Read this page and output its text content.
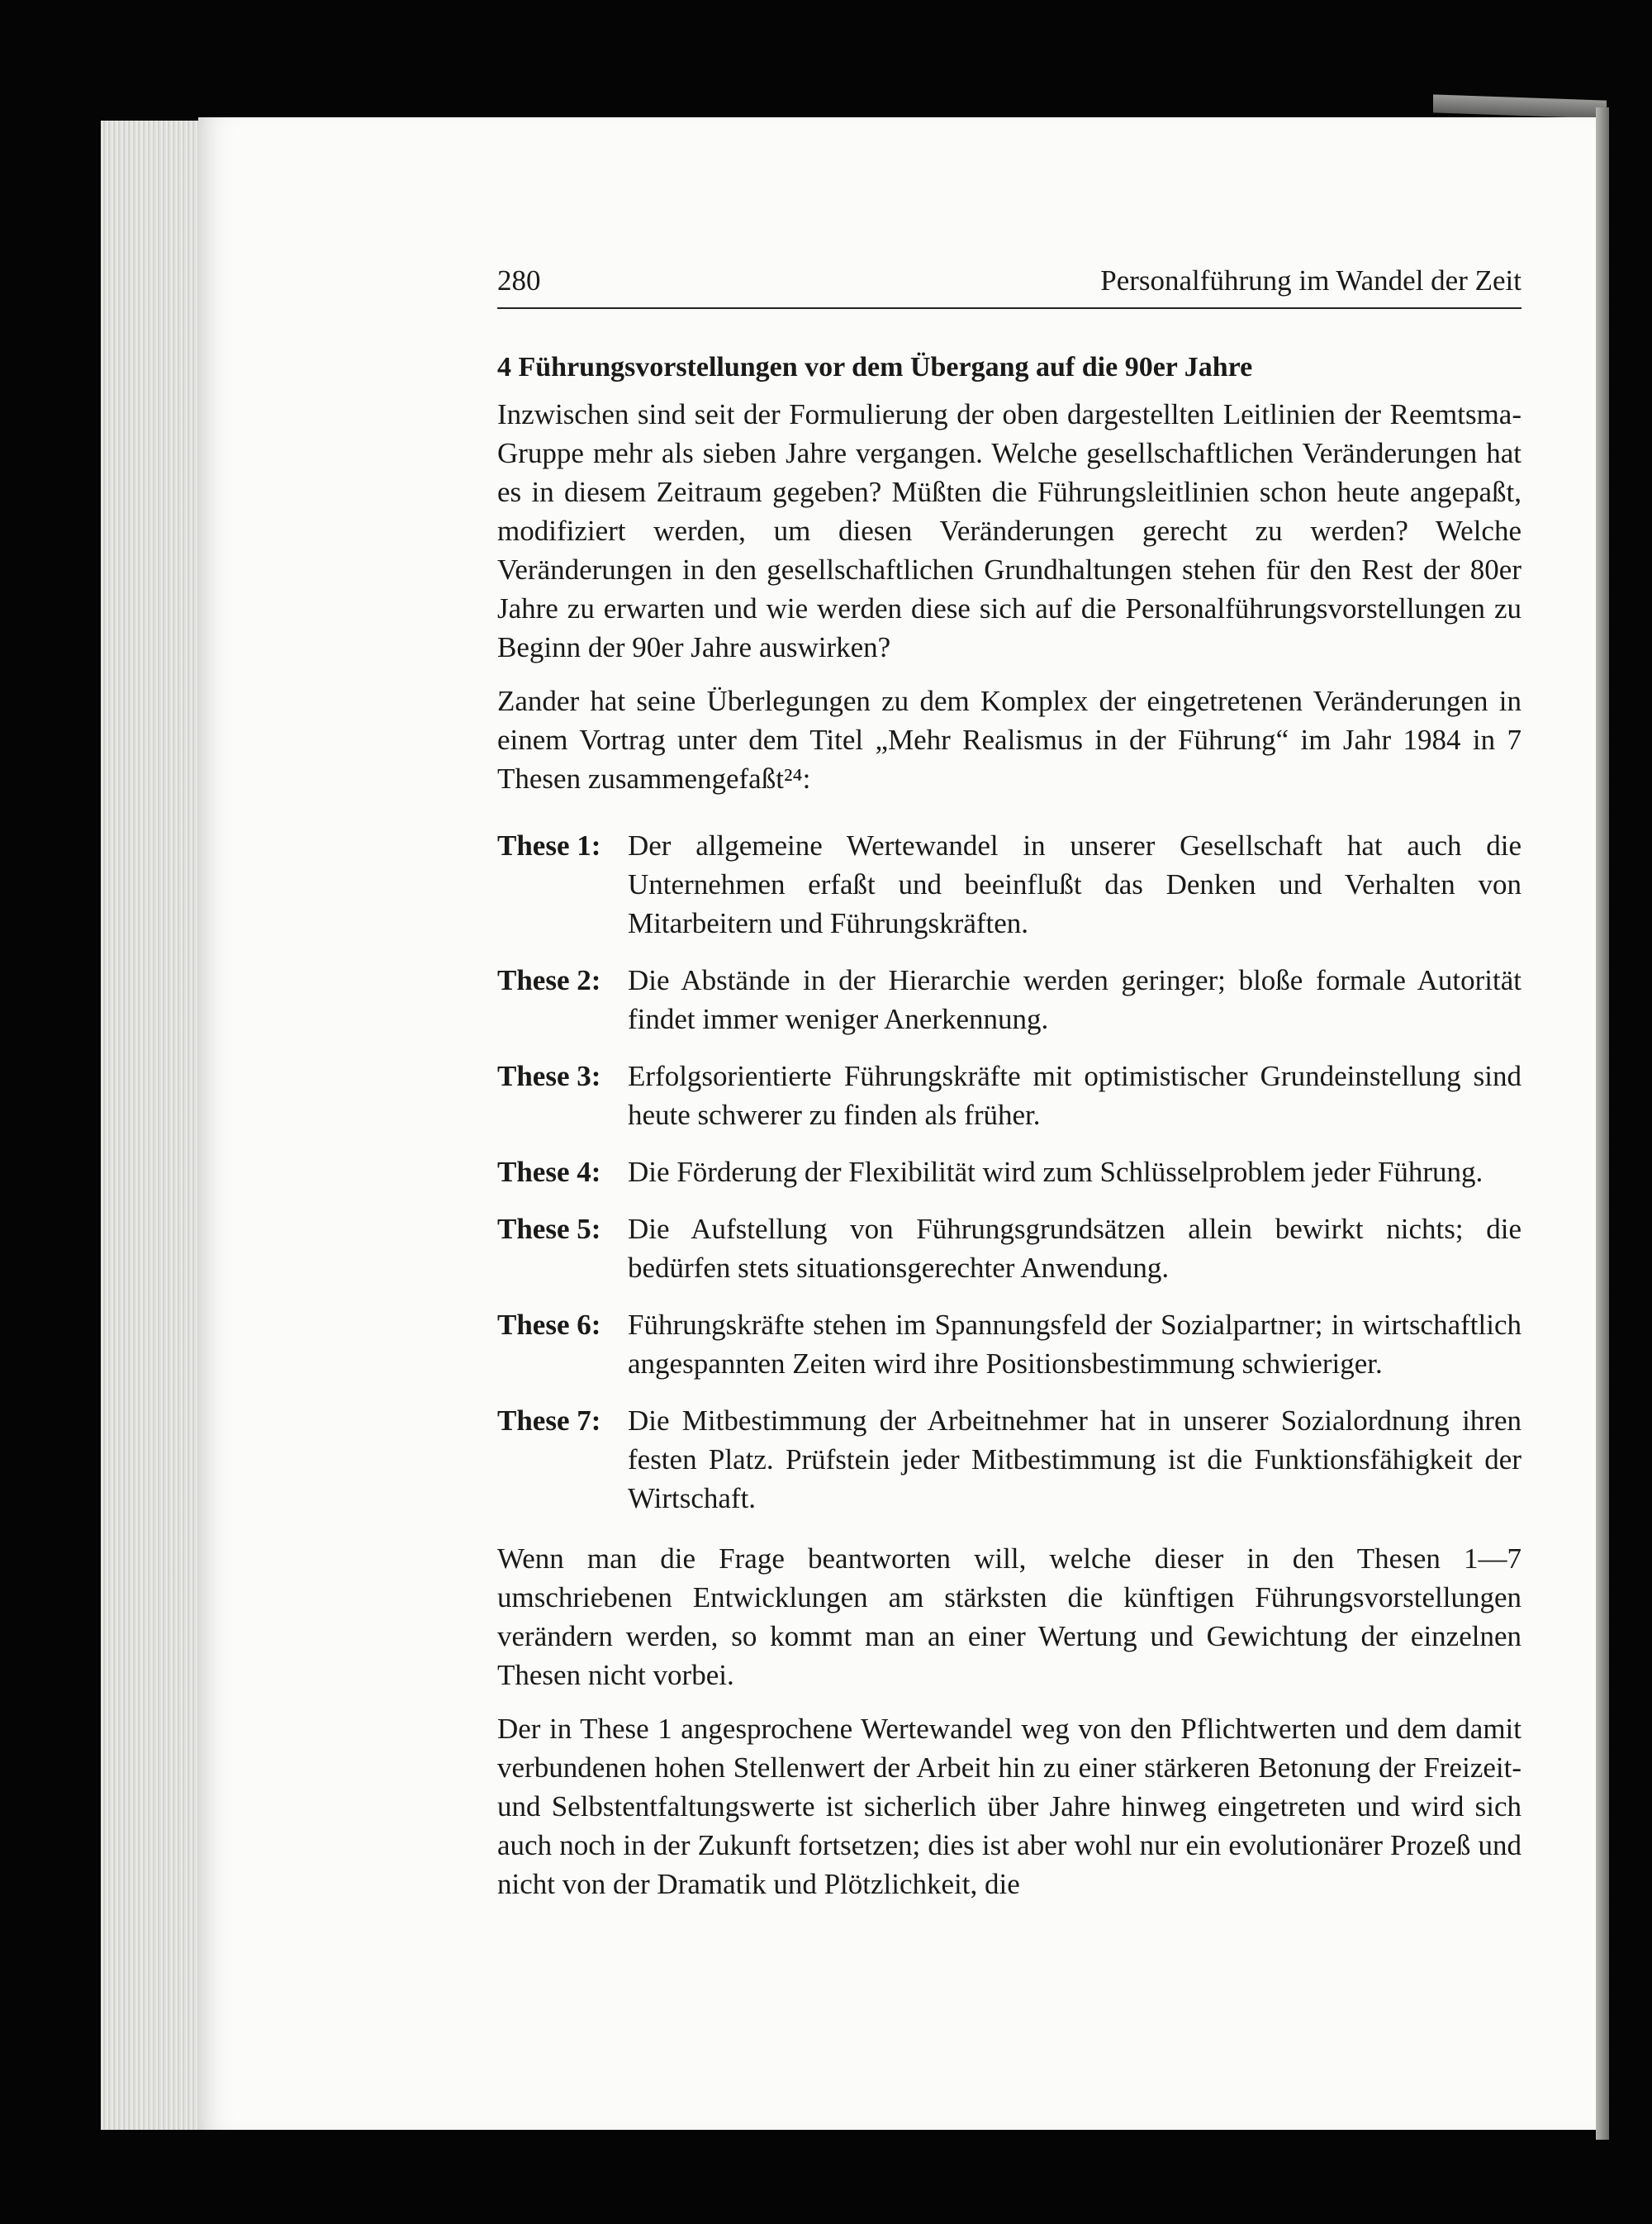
280	Personalführung im Wandel der Zeit
4 Führungsvorstellungen vor dem Übergang auf die 90er Jahre

Inzwischen sind seit der Formulierung der oben dargestellten Leitlinien der Reemtsma-Gruppe mehr als sieben Jahre vergangen. Welche gesellschaftlichen Veränderungen hat es in diesem Zeitraum gegeben? Müßten die Führungsleitlinien schon heute angepaßt, modifiziert werden, um diesen Veränderungen gerecht zu werden? Welche Veränderungen in den gesellschaftlichen Grundhaltungen stehen für den Rest der 80er Jahre zu erwarten und wie werden diese sich auf die Personalführungsvorstellungen zu Beginn der 90er Jahre auswirken?

Zander hat seine Überlegungen zu dem Komplex der eingetretenen Veränderungen in einem Vortrag unter dem Titel „Mehr Realismus in der Führung“ im Jahr 1984 in 7 Thesen zusammengefaßt²⁴:

These 1: Der allgemeine Wertewandel in unserer Gesellschaft hat auch die Unternehmen erfaßt und beeinflußt das Denken und Verhalten von Mitarbeitern und Führungskräften.
These 2: Die Abstände in der Hierarchie werden geringer; bloße formale Autorität findet immer weniger Anerkennung.
These 3: Erfolgsorientierte Führungskräfte mit optimistischer Grundeinstellung sind heute schwerer zu finden als früher.
These 4: Die Förderung der Flexibilität wird zum Schlüsselproblem jeder Führung.
These 5: Die Aufstellung von Führungsgrundsätzen allein bewirkt nichts; die bedürfen stets situationsgerechter Anwendung.
These 6: Führungskräfte stehen im Spannungsfeld der Sozialpartner; in wirtschaftlich angespannten Zeiten wird ihre Positionsbestimmung schwieriger.
These 7: Die Mitbestimmung der Arbeitnehmer hat in unserer Sozialordnung ihren festen Platz. Prüfstein jeder Mitbestimmung ist die Funktionsfähigkeit der Wirtschaft.

Wenn man die Frage beantworten will, welche dieser in den Thesen 1—7 umschriebenen Entwicklungen am stärksten die künftigen Führungsvorstellungen verändern werden, so kommt man an einer Wertung und Gewichtung der einzelnen Thesen nicht vorbei.

Der in These 1 angesprochene Wertewandel weg von den Pflichtwerten und dem damit verbundenen hohen Stellenwert der Arbeit hin zu einer stärkeren Betonung der Freizeit- und Selbstentfaltungswerte ist sicherlich über Jahre hinweg eingetreten und wird sich auch noch in der Zukunft fortsetzen; dies ist aber wohl nur ein evolutionärer Prozeß und nicht von der Dramatik und Plötzlichkeit, die
